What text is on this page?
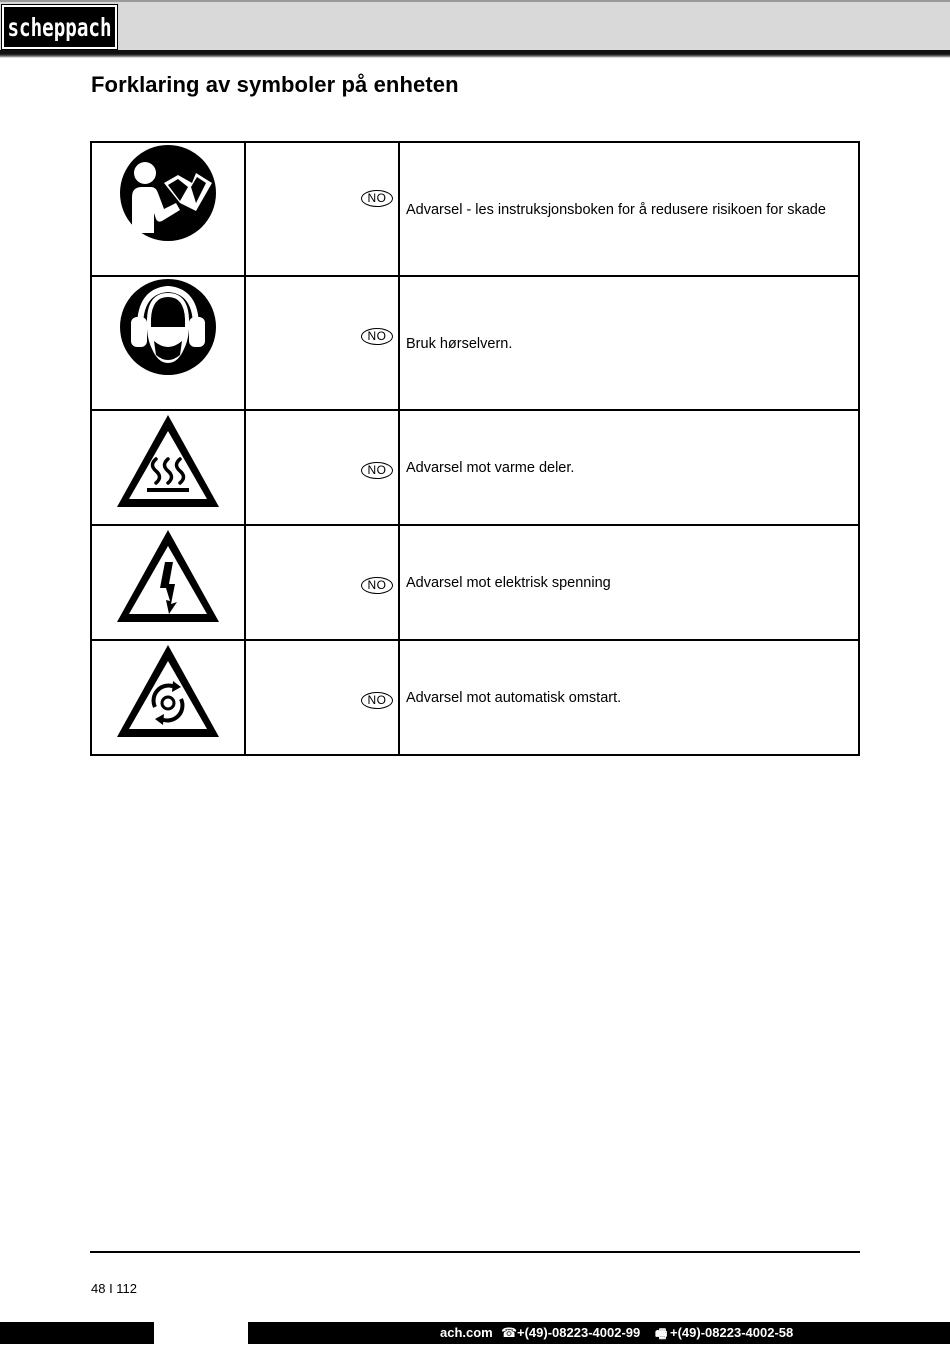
scheppach
Forklaring av symboler på enheten

NO	Advarsel - les instruksjonsboken for å redusere risikoen for skade

NO	Bruk hørselvern.

NO	Advarsel mot varme deler.

NO	Advarsel mot elektrisk spenning

NO	Advarsel mot automatisk omstart.
48 I 112
ach.com ☎ +(49)-08223-4002-99 🖷 +(49)-08223-4002-58
